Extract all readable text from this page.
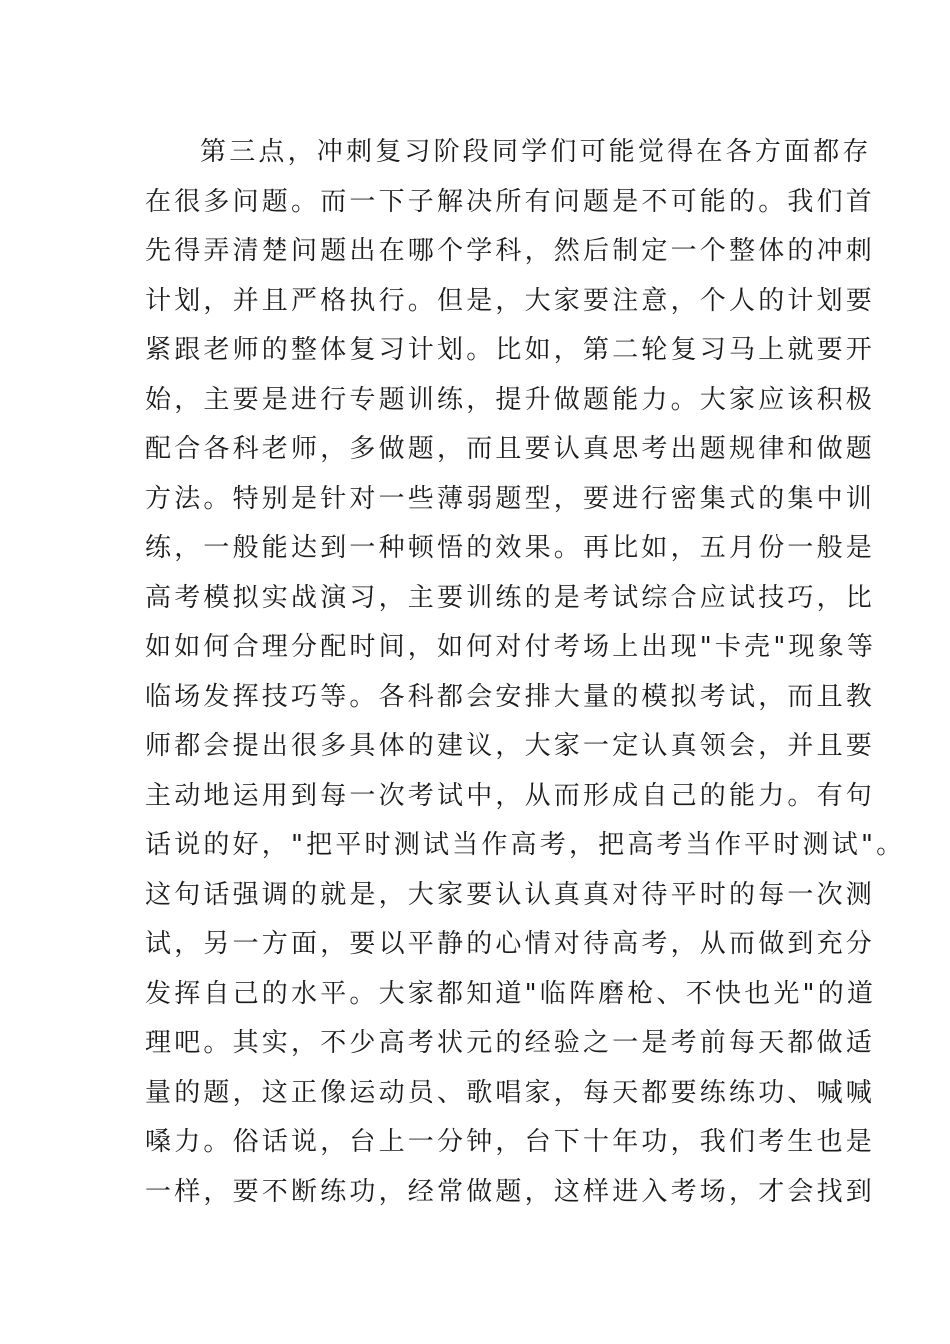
第三点，冲刺复习阶段同学们可能觉得在各方面都存
在很多问题。而一下子解决所有问题是不可能的。我们首
先得弄清楚问题出在哪个学科，然后制定一个整体的冲刺
计划，并且严格执行。但是，大家要注意，个人的计划要
紧跟老师的整体复习计划。比如，第二轮复习马上就要开
始，主要是进行专题训练，提升做题能力。大家应该积极
配合各科老师，多做题，而且要认真思考出题规律和做题
方法。特别是针对一些薄弱题型，要进行密集式的集中训
练，一般能达到一种顿悟的效果。再比如，五月份一般是
高考模拟实战演习，主要训练的是考试综合应试技巧，比
如如何合理分配时间，如何对付考场上出现"卡壳"现象等
临场发挥技巧等。各科都会安排大量的模拟考试，而且教
师都会提出很多具体的建议，大家一定认真领会，并且要
主动地运用到每一次考试中，从而形成自己的能力。有句
话说的好，"把平时测试当作高考，把高考当作平时测试"。
这句话强调的就是，大家要认认真真对待平时的每一次测
试，另一方面，要以平静的心情对待高考，从而做到充分
发挥自己的水平。大家都知道"临阵磨枪、不快也光"的道
理吧。其实，不少高考状元的经验之一是考前每天都做适
量的题，这正像运动员、歌唱家，每天都要练练功、喊喊
嗓力。俗话说，台上一分钟，台下十年功，我们考生也是
一样，要不断练功，经常做题，这样进入考场，才会找到
